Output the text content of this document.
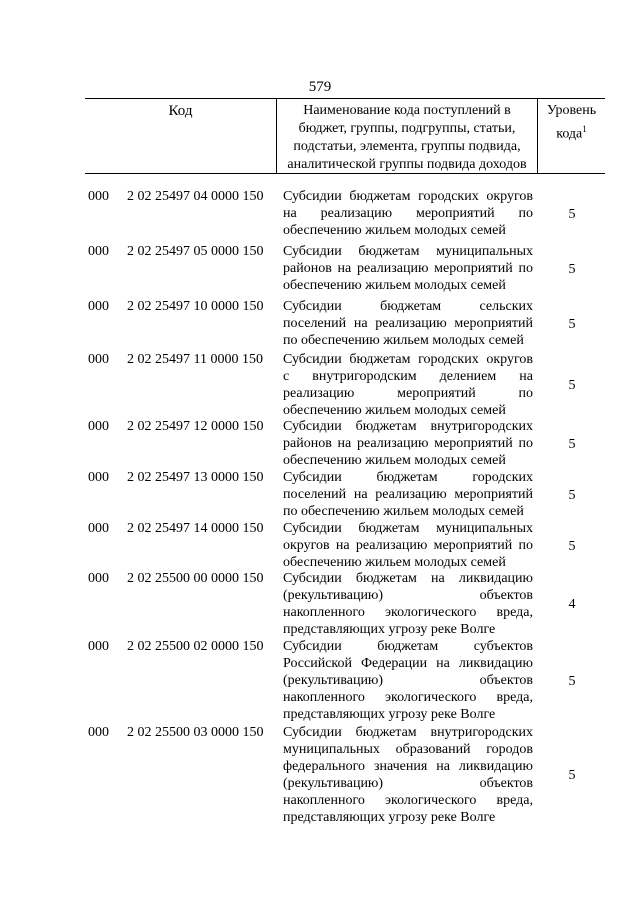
579
Код	Наименование кода поступлений в
бюджет, группы, подгруппы, статьи,
подстатьи, элемента, группы подвида,
аналитической группы подвида доходов
Уровень
кода$^1$
000 2 02 25497 04 0000 150 Субсидии бюджетам городских округов
на реализацию мероприятий по
обеспечению жильем молодых семей
5
000 2 02 25497 05 0000 150 Субсидии бюджетам муниципальных
районов на реализацию мероприятий по
обеспечению жильем молодых семей
5
000 2 02 25497 10 0000 150 Субсидии бюджетам сельских
поселений на реализацию мероприятий
по обеспечению жильем молодых семей
5
000 2 02 25497 11 0000 150 Субсидии бюджетам городских округов
с внутригородским делением на
реализацию мероприятий по
обеспечению жильем молодых семей
5
000 2 02 25497 12 0000 150 Субсидии бюджетам внутригородских
районов на реализацию мероприятий по
обеспечению жильем молодых семей
5
000 2 02 25497 13 0000 150 Субсидии бюджетам городских
поселений на реализацию мероприятий
по обеспечению жильем молодых семей
5
000 2 02 25497 14 0000 150 Субсидии бюджетам муниципальных
округов на реализацию мероприятий по
обеспечению жильем молодых семей
5
000 2 02 25500 00 0000 150 Субсидии бюджетам на ликвидацию
(рекультивацию) объектов
накопленного экологического вреда,
представляющих угрозу реке Волге
4
000 2 02 25500 02 0000 150 Субсидии бюджетам субъектов
Российской Федерации на ликвидацию
(рекультивацию) объектов
накопленного экологического вреда,
представляющих угрозу реке Волге
5
000 2 02 25500 03 0000 150 Субсидии бюджетам внутригородских
муниципальных образований городов
федерального значения на ликвидацию
(рекультивацию) объектов
накопленного экологического вреда,
представляющих угрозу реке Волге
5
